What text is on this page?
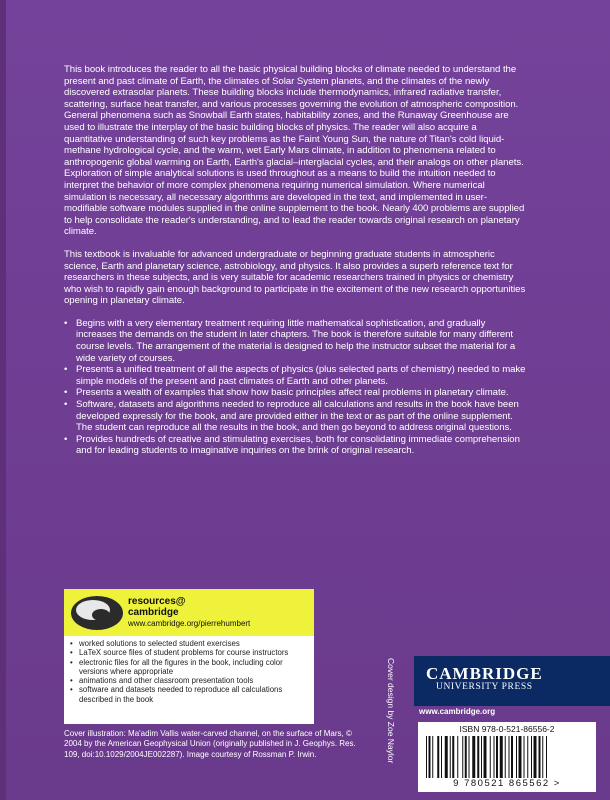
This book introduces the reader to all the basic physical building blocks of climate needed to understand the present and past climate of Earth, the climates of Solar System planets, and the climates of the newly discovered extrasolar planets. These building blocks include thermodynamics, infrared radiative transfer, scattering, surface heat transfer, and various processes governing the evolution of atmospheric composition. General phenomena such as Snowball Earth states, habitability zones, and the Runaway Greenhouse are used to illustrate the interplay of the basic building blocks of physics. The reader will also acquire a quantitative understanding of such key problems as the Faint Young Sun, the nature of Titan's cold liquid-methane hydrological cycle, and the warm, wet Early Mars climate, in addition to phenomena related to anthropogenic global warming on Earth, Earth's glacial–interglacial cycles, and their analogs on other planets. Exploration of simple analytical solutions is used throughout as a means to build the intuition needed to interpret the behavior of more complex phenomena requiring numerical simulation. Where numerical simulation is necessary, all necessary algorithms are developed in the text, and implemented in user-modifiable software modules supplied in the online supplement to the book. Nearly 400 problems are supplied to help consolidate the reader's understanding, and to lead the reader towards original research on planetary climate.

This textbook is invaluable for advanced undergraduate or beginning graduate students in atmospheric science, Earth and planetary science, astrobiology, and physics. It also provides a superb reference text for researchers in these subjects, and is very suitable for academic researchers trained in physics or chemistry who wish to rapidly gain enough background to participate in the excitement of the new research opportunities opening in planetary climate.

• Begins with a very elementary treatment requiring little mathematical sophistication, and gradually increases the demands on the student in later chapters. The book is therefore suitable for many different course levels. The arrangement of the material is designed to help the instructor subset the material for a wide variety of courses.
• Presents a unified treatment of all the aspects of physics (plus selected parts of chemistry) needed to make simple models of the present and past climates of Earth and other planets.
• Presents a wealth of examples that show how basic principles affect real problems in planetary climate.
• Software, datasets and algorithms needed to reproduce all calculations and results in the book have been developed expressly for the book, and are provided either in the text or as part of the online supplement. The student can reproduce all the results in the book, and then go beyond to address original questions.
• Provides hundreds of creative and stimulating exercises, both for consolidating immediate comprehension and for leading students to imaginative inquiries on the brink of original research.
resources@
cambridge
www.cambridge.org/pierrehumbert
• worked solutions to selected student exercises
• LaTeX source files of student problems for course instructors
• electronic files for all the figures in the book, including color versions where appropriate
• animations and other classroom presentation tools
• software and datasets needed to reproduce all calculations described in the book
Cover illustration: Ma'adim Vallis water-carved channel, on the surface of Mars, © 2004 by the American Geophysical Union (originally published in J. Geophys. Res. 109, doi:10.1029/2004JE002287). Image courtesy of Rossman P. Irwin.	Cover design by Zoe Naylor CAMBRIDGE
UNIVERSITY PRESS
www.cambridge.org
ISBN 978-0-521-86556-2
9 780521 865562 >
